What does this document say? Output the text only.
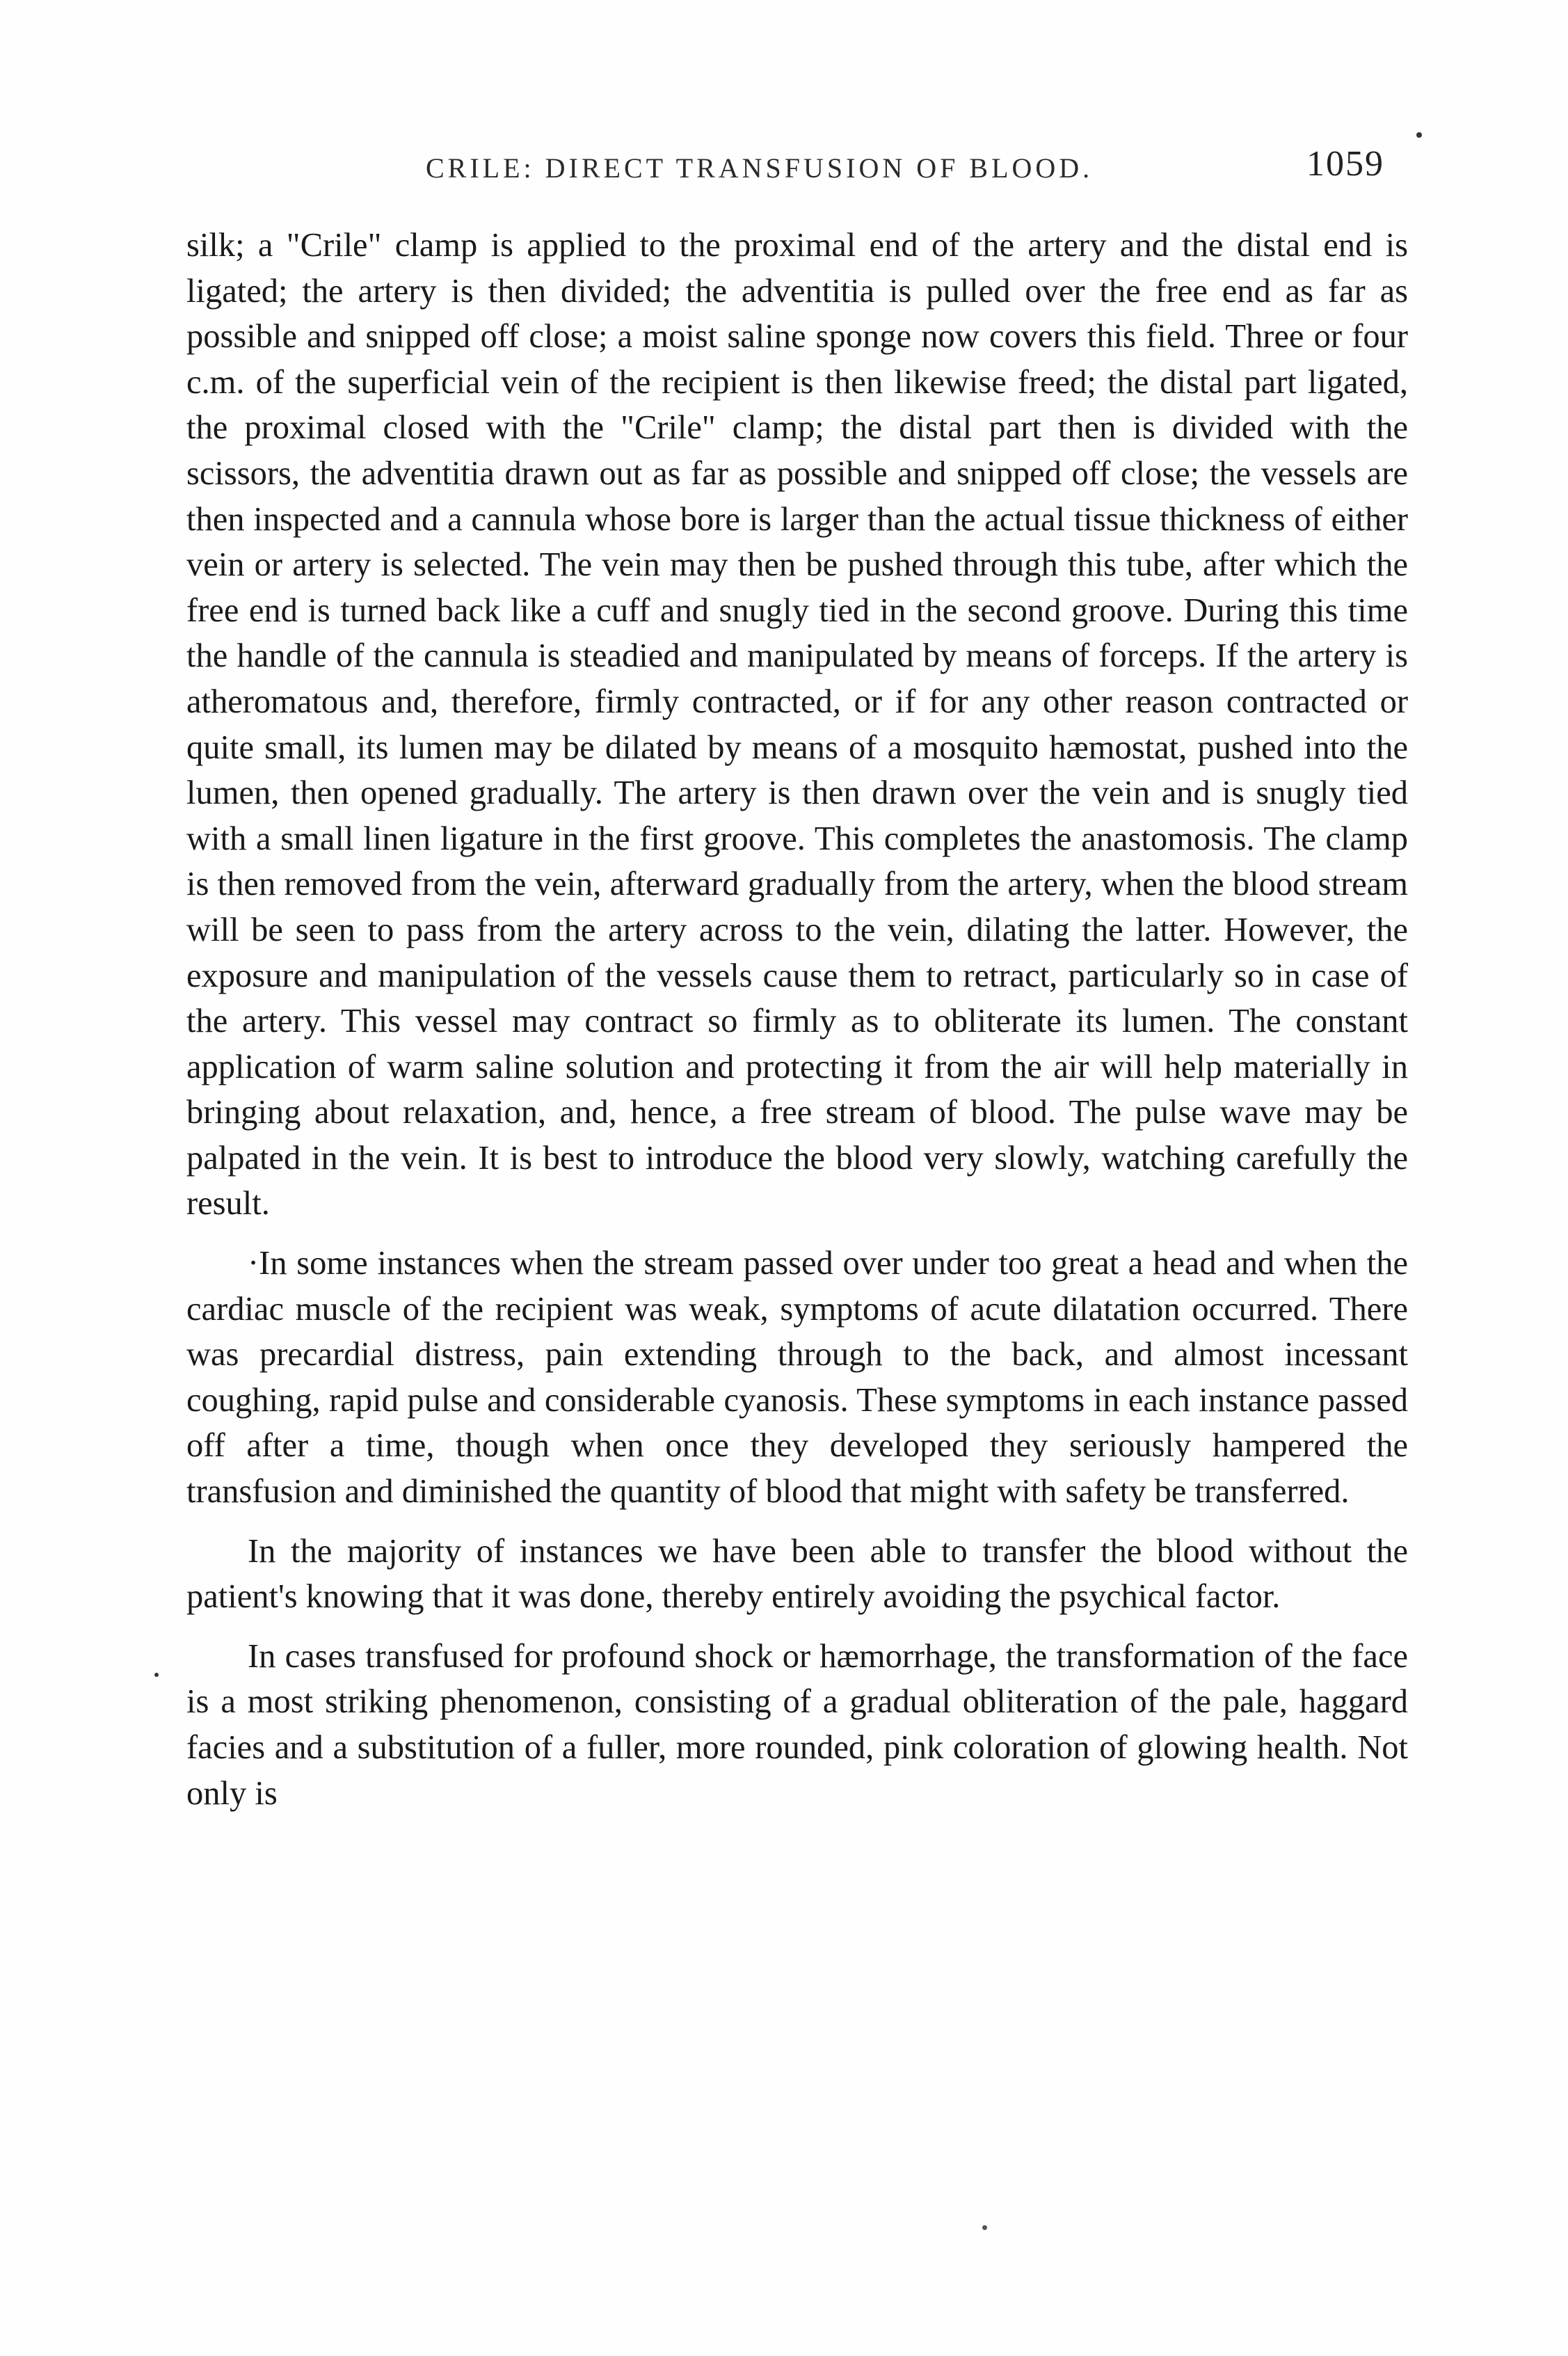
CRILE: DIRECT TRANSFUSION OF BLOOD.	1059

silk; a "Crile" clamp is applied to the proximal end of the artery and the distal end is ligated; the artery is then divided; the adventitia is pulled over the free end as far as possible and snipped off close; a moist saline sponge now covers this field. Three or four c.m. of the superficial vein of the recipient is then likewise freed; the distal part ligated, the proximal closed with the "Crile" clamp; the distal part then is divided with the scissors, the adventitia drawn out as far as possible and snipped off close; the vessels are then inspected and a cannula whose bore is larger than the actual tissue thickness of either vein or artery is selected. The vein may then be pushed through this tube, after which the free end is turned back like a cuff and snugly tied in the second groove. During this time the handle of the cannula is steadied and manipulated by means of forceps. If the artery is atheromatous and, therefore, firmly contracted, or if for any other reason contracted or quite small, its lumen may be dilated by means of a mosquito hæmostat, pushed into the lumen, then opened gradually. The artery is then drawn over the vein and is snugly tied with a small linen ligature in the first groove. This completes the anastomosis. The clamp is then removed from the vein, afterward gradually from the artery, when the blood stream will be seen to pass from the artery across to the vein, dilating the latter. However, the exposure and manipulation of the vessels cause them to retract, particularly so in case of the artery. This vessel may contract so firmly as to obliterate its lumen. The constant application of warm saline solution and protecting it from the air will help materially in bringing about relaxation, and, hence, a free stream of blood. The pulse wave may be palpated in the vein. It is best to introduce the blood very slowly, watching carefully the result.

·In some instances when the stream passed over under too great a head and when the cardiac muscle of the recipient was weak, symptoms of acute dilatation occurred. There was precardial distress, pain extending through to the back, and almost incessant coughing, rapid pulse and considerable cyanosis. These symptoms in each instance passed off after a time, though when once they developed they seriously hampered the transfusion and diminished the quantity of blood that might with safety be transferred.

In the majority of instances we have been able to transfer the blood without the patient's knowing that it was done, thereby entirely avoiding the psychical factor.

In cases transfused for profound shock or hæmorrhage, the transformation of the face is a most striking phenomenon, consisting of a gradual obliteration of the pale, haggard facies and a substitution of a fuller, more rounded, pink coloration of glowing health. Not only is
